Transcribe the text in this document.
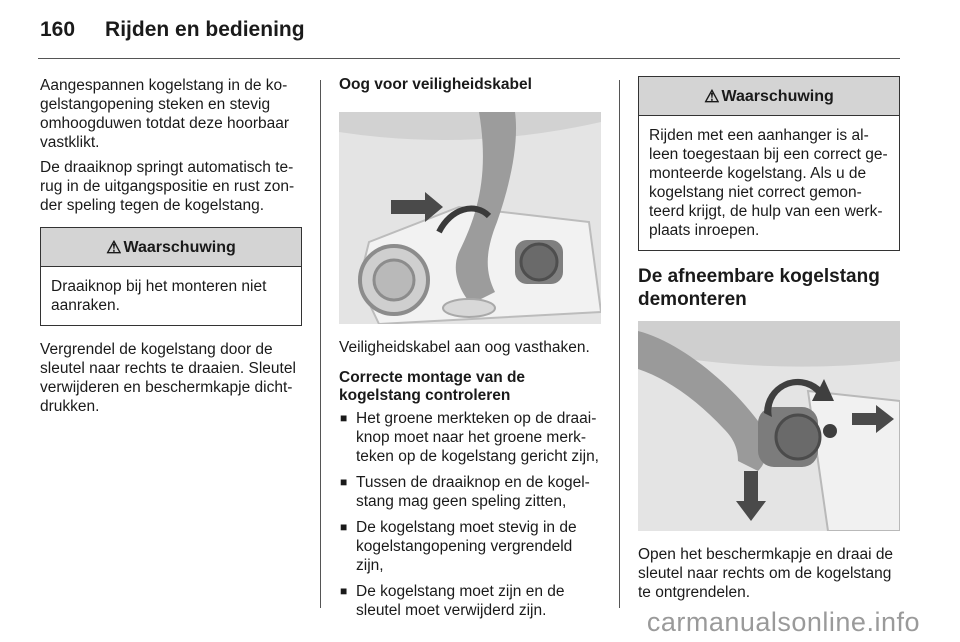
160 Rijden en bediening

Aangespannen kogelstang in de kogelstangopening steken en stevig omhoogduwen totdat deze hoorbaar vastklikt.

De draaiknop springt automatisch terug in de uitgangspositie en rust zonder speling tegen de kogelstang.

⚠ Waarschuwing
Draaiknop bij het monteren niet aanraken.

Vergrendel de kogelstang door de sleutel naar rechts te draaien. Sleutel verwijderen en beschermkapje dichtdrukken.

Oog voor veiligheidskabel

Veiligheidskabel aan oog vasthaken.

Correcte montage van de kogelstang controleren
■ Het groene merkteken op de draaiknop moet naar het groene merkteken op de kogelstang gericht zijn,
■ Tussen de draaiknop en de kogelstang mag geen speling zitten,
■ De kogelstang moet stevig in de kogelstangopening vergrendeld zijn,
■ De kogelstang moet zijn en de sleutel moet verwijderd zijn.
⚠ Waarschuwing
Rijden met een aanhanger is alleen toegestaan bij een correct gemonteerde kogelstang. Als u de kogelstang niet correct gemonteerd krijgt, de hulp van een werkplaats inroepen.
De afneembare kogelstang demonteren

Open het beschermkapje en draai de sleutel naar rechts om de kogelstang te ontgrendelen.

carmanualsonline.info
